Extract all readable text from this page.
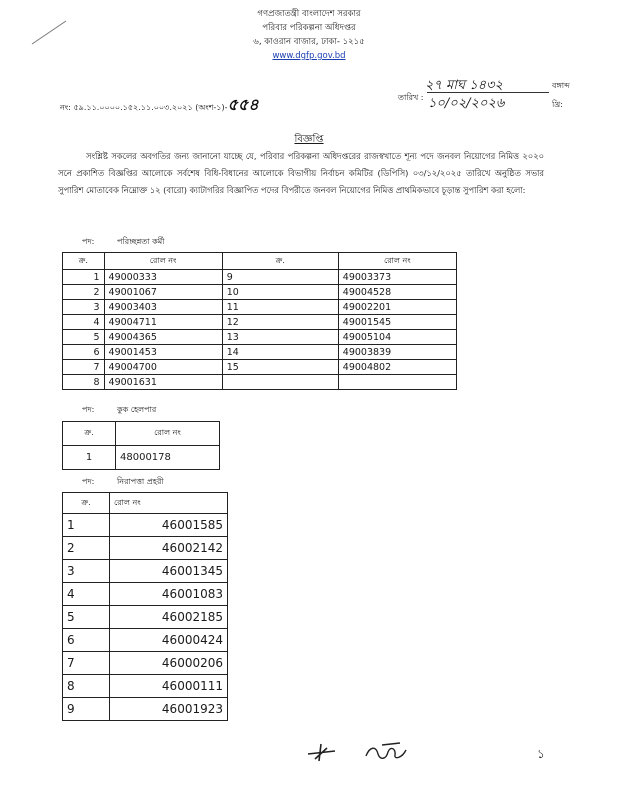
গণপ্রজাতন্ত্রী বাংলাদেশ সরকার
পরিবার পরিকল্পনা অধিদপ্তর
৬, কাওরান বাজার, ঢাকা- ১২১৫
www.dgfp.gov.bd
নং: ৫৯.১১.০০০০.১৫২.১১.০০৩.২০২১ (অংশ-১)-৫৫৪	তারিখ :
২৭ মাঘ ১৪৩২	বঙ্গাব্দ
১০/০২/২০২৬	খ্রি:
বিজ্ঞপ্তি
সংশ্লিষ্ট সকলের অবগতির জন্য জানানো যাচ্ছে যে, পরিবার পরিকল্পনা অধিদপ্তরের রাজস্বখাতে শূন্য পদে জনবল নিয়োগের নিমিত্ত ২০২০ সনে প্রকাশিত বিজ্ঞপ্তির আলোকে সর্বশেষ বিধি-বিধানের আলোকে বিভাগীয় নির্বাচন কমিটির (ডিপিসি) ০৩/১২/২০২৫ তারিখে অনুষ্ঠিত সভার সুপারিশ মোতাবেক নিম্নোক্ত ১২ (বারো) ক্যাটাগরির বিজ্ঞাপিত পদের বিপরীতে জনবল নিয়োগের নিমিত্ত প্রাথমিকভাবে চূড়ান্ত সুপারিশ করা হলো:
পদ:	পরিচ্ছন্নতা কর্মী
ক্র.	রোল নং	ক্র.	রোল নং
1	49000333	9	49003373
2	49001067	10	49004528
3	49003403	11	49002201
4	49004711	12	49001545
5	49004365	13	49005104
6	49001453	14	49003839
7	49004700	15	49004802
8	49001631		
পদ:	কুক হেলপার
ক্র.	রোল নং
1	48000178
পদ:	নিরাপত্তা প্রহরী
ক্র.	রোল নং
1	46001585
2	46002142
3	46001345
4	46001083
5	46002185
6	46000424
7	46000206
8	46000111
9	46001923
১
